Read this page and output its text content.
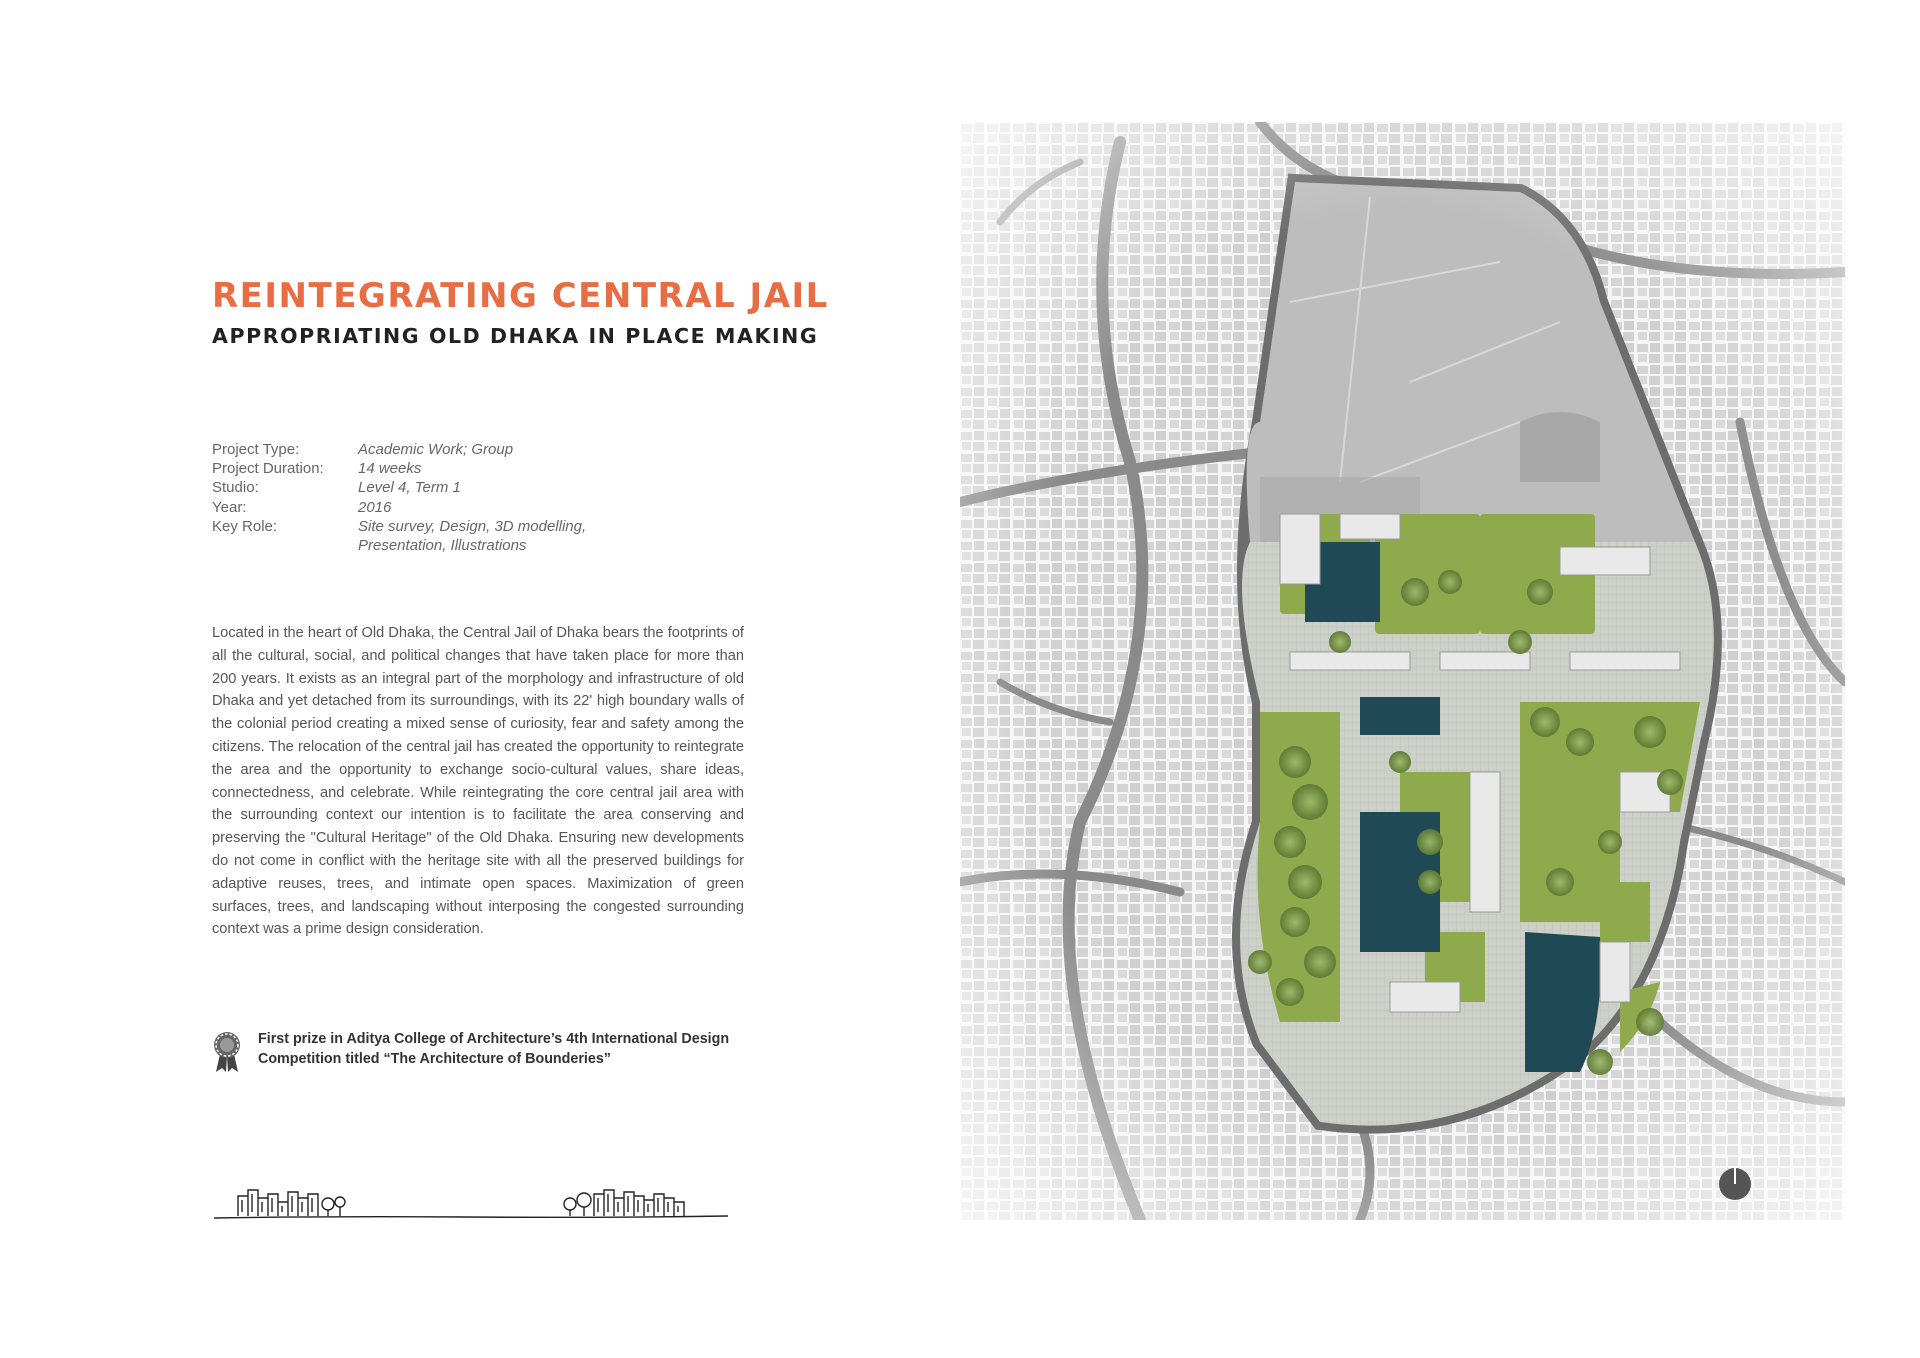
REINTEGRATING CENTRAL JAIL
APPROPRIATING OLD DHAKA IN PLACE MAKING
Project Type:	Academic Work; Group
Project Duration:	14 weeks
Studio:	Level 4, Term 1
Year:	2016
Key Role:	Site survey, Design, 3D modelling, Presentation, Illustrations
Located in the heart of Old Dhaka, the Central Jail of Dhaka bears the footprints of all the cultural, social, and political changes that have taken place for more than 200 years. It exists as an integral part of the morphology and infrastructure of old Dhaka and yet detached from its surroundings, with its 22' high boundary walls of the colonial period creating a mixed sense of curiosity, fear and safety among the citizens. The relocation of the central jail has created the opportunity to reintegrate the area and the opportunity to exchange socio-cultural values, share ideas, connectedness, and celebrate. While reintegrating the core central jail area with the surrounding context our intention is to facilitate the area conserving and preserving the "Cultural Heritage" of the Old Dhaka. Ensuring new developments do not come in conflict with the heritage site with all the preserved buildings for adaptive reuses, trees, and intimate open spaces. Maximization of green surfaces, trees, and landscaping without interposing the congested surrounding context was a prime design consideration.
First prize in Aditya College of Architecture’s 4th International Design Competition titled “The Architecture of Bounderies”
